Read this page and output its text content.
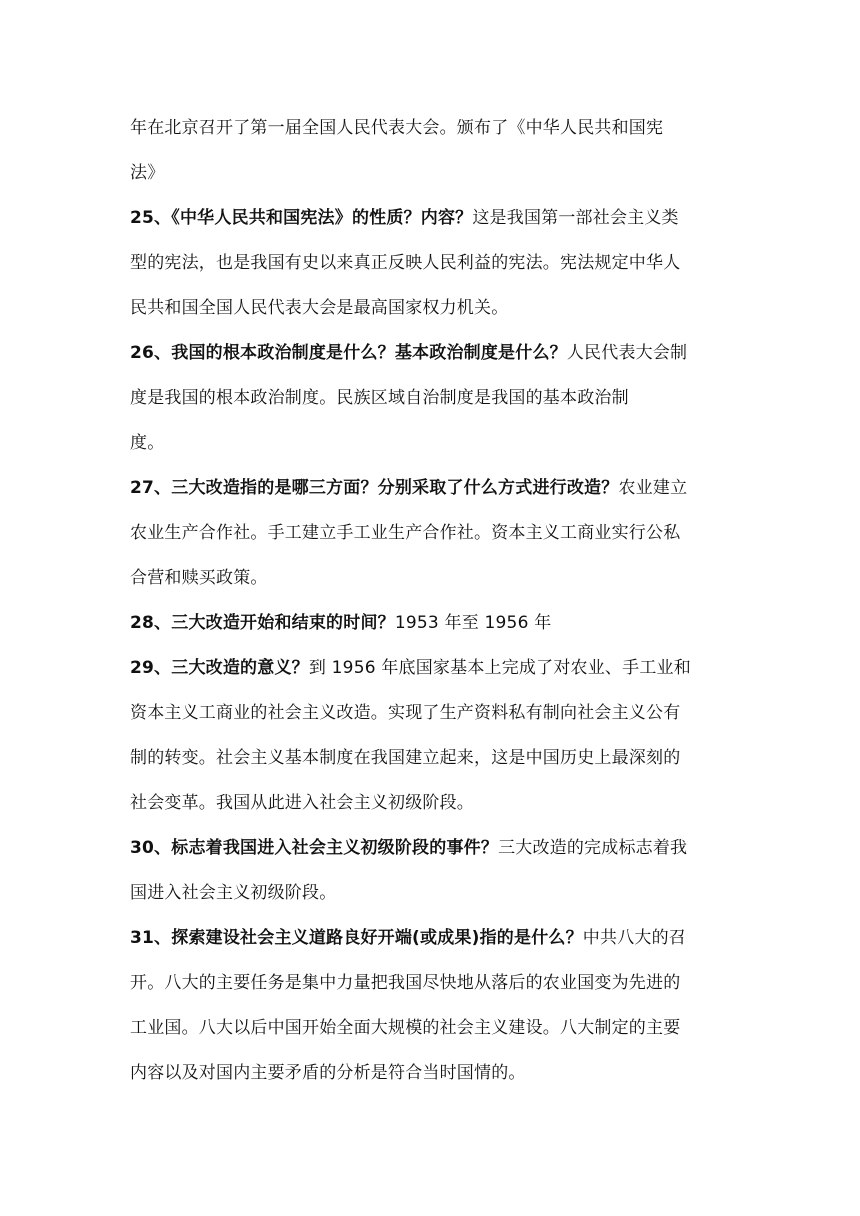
年在北京召开了第一届全国人民代表大会。颁布了《中华人民共和国宪
法》
25、《中华人民共和国宪法》的性质？内容？这是我国第一部社会主义类
型的宪法，也是我国有史以来真正反映人民利益的宪法。宪法规定中华人
民共和国全国人民代表大会是最高国家权力机关。
26、我国的根本政治制度是什么？基本政治制度是什么？人民代表大会制
度是我国的根本政治制度。民族区域自治制度是我国的基本政治制
度。
27、三大改造指的是哪三方面？分别采取了什么方式进行改造？农业建立
农业生产合作社。手工建立手工业生产合作社。资本主义工商业实行公私
合营和赎买政策。
28、三大改造开始和结束的时间？1953 年至 1956 年
29、三大改造的意义？到 1956 年底国家基本上完成了对农业、手工业和
资本主义工商业的社会主义改造。实现了生产资料私有制向社会主义公有
制的转变。社会主义基本制度在我国建立起来，这是中国历史上最深刻的
社会变革。我国从此进入社会主义初级阶段。
30、标志着我国进入社会主义初级阶段的事件？三大改造的完成标志着我
国进入社会主义初级阶段。
31、探索建设社会主义道路良好开端(或成果)指的是什么？中共八大的召
开。八大的主要任务是集中力量把我国尽快地从落后的农业国变为先进的
工业国。八大以后中国开始全面大规模的社会主义建设。八大制定的主要
内容以及对国内主要矛盾的分析是符合当时国情的。
